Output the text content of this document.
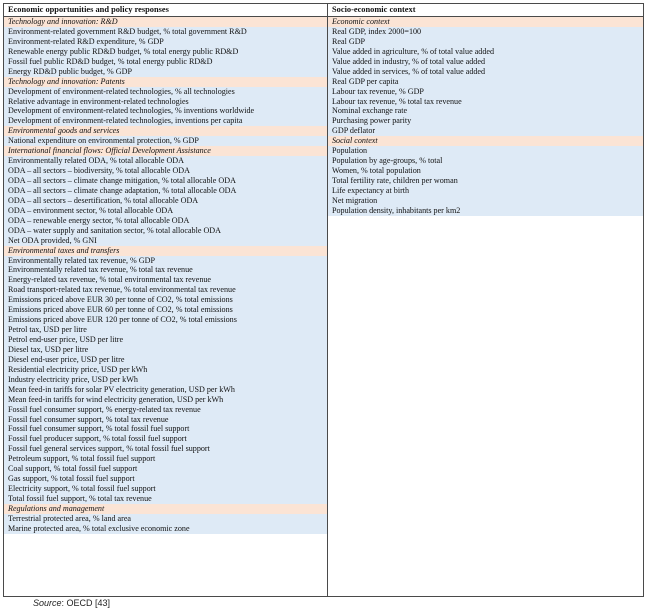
Economic opportunities and policy responses
Technology and innovation: R&D
Environment-related government R&D budget, % total government R&D
Environment-related R&D expenditure, % GDP
Renewable energy public RD&D budget, % total energy public RD&D
Fossil fuel public RD&D budget, % total energy public RD&D
Energy RD&D public budget, % GDP
Technology and innovation: Patents
Development of environment-related technologies, % all technologies
Relative advantage in environment-related technologies
Development of environment-related technologies, % inventions worldwide
Development of environment-related technologies, inventions per capita
Environmental goods and services
National expenditure on environmental protection, % GDP
International financial flows: Official Development Assistance
Environmentally related ODA, % total allocable ODA
ODA – all sectors – biodiversity, % total allocable ODA
ODA – all sectors – climate change mitigation, % total allocable ODA
ODA – all sectors – climate change adaptation, % total allocable ODA
ODA – all sectors – desertification, % total allocable ODA
ODA – environment sector, % total allocable ODA
ODA – renewable energy sector, % total allocable ODA
ODA – water supply and sanitation sector, % total allocable ODA
Net ODA provided, % GNI
Environmental taxes and transfers
Environmentally related tax revenue, % GDP
Environmentally related tax revenue, % total tax revenue
Energy-related tax revenue, % total environmental tax revenue
Road transport-related tax revenue, % total environmental tax revenue
Emissions priced above EUR 30 per tonne of CO2, % total emissions
Emissions priced above EUR 60 per tonne of CO2, % total emissions
Emissions priced above EUR 120 per tonne of CO2, % total emissions
Petrol tax, USD per litre
Petrol end-user price, USD per litre
Diesel tax, USD per litre
Diesel end-user price, USD per litre
Residential electricity price, USD per kWh
Industry electricity price, USD per kWh
Mean feed-in tariffs for solar PV electricity generation, USD per kWh
Mean feed-in tariffs for wind electricity generation, USD per kWh
Fossil fuel consumer support, % energy-related tax revenue
Fossil fuel consumer support, % total tax revenue
Fossil fuel consumer support, % total fossil fuel support
Fossil fuel producer support, % total fossil fuel support
Fossil fuel general services support, % total fossil fuel support
Petroleum support, % total fossil fuel support
Coal support, % total fossil fuel support
Gas support, % total fossil fuel support
Electricity support, % total fossil fuel support
Total fossil fuel support, % total tax revenue
Regulations and management
Terrestrial protected area, % land area
Marine protected area, % total exclusive economic zone
Socio-economic context
Economic context
Real GDP, index 2000=100
Real GDP
Value added in agriculture, % of total value added
Value added in industry, % of total value added
Value added in services, % of total value added
Real GDP per capita
Labour tax revenue, % GDP
Labour tax revenue, % total tax revenue
Nominal exchange rate
Purchasing power parity
GDP deflator
Social context
Population
Population by age-groups, % total
Women, % total population
Total fertility rate, children per woman
Life expectancy at birth
Net migration
Population density, inhabitants per km2
Source: OECD [43]
